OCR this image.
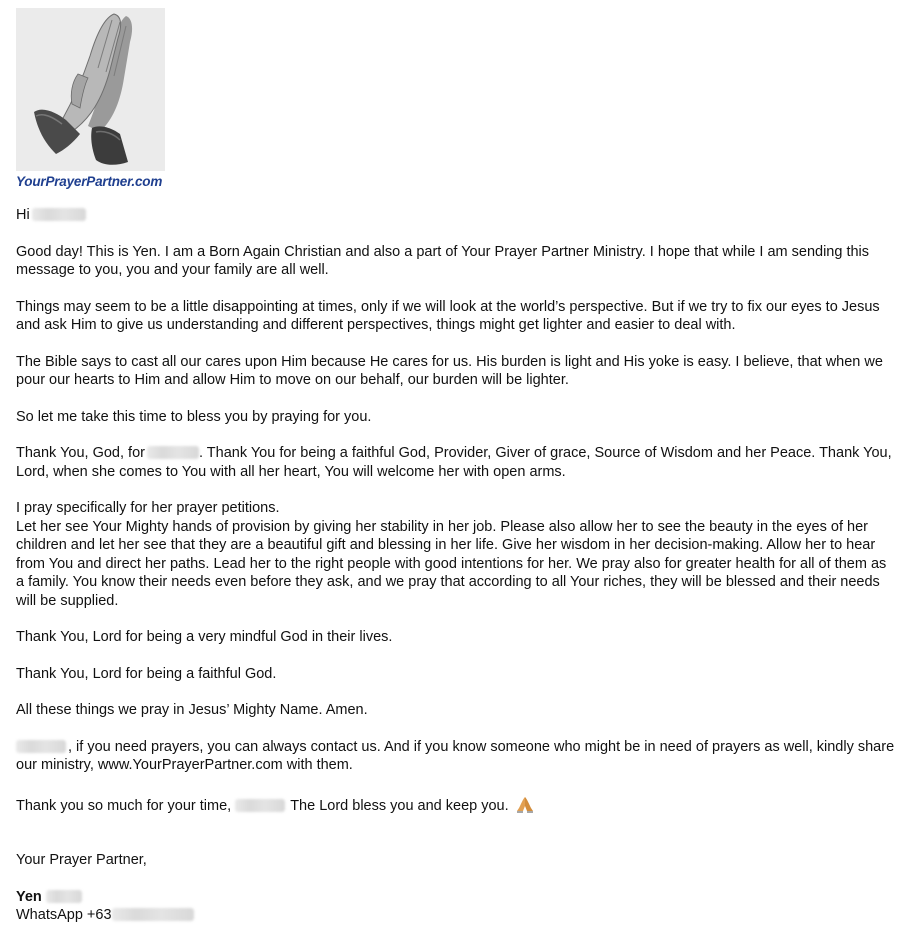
YourPrayerPartner.com

Hi

Good day! This is Yen. I am a Born Again Christian and also a part of Your Prayer Partner Ministry. I hope that while I am sending this message to you, you and your family are all well.

Things may seem to be a little disappointing at times, only if we will look at the world’s perspective. But if we try to fix our eyes to Jesus and ask Him to give us understanding and different perspectives, things might get lighter and easier to deal with.

The Bible says to cast all our cares upon Him because He cares for us. His burden is light and His yoke is easy. I believe, that when we pour our hearts to Him and allow Him to move on our behalf, our burden will be lighter.

So let me take this time to bless you by praying for you.

Thank You, God, for	. Thank You for being a faithful God, Provider, Giver of grace, Source of Wisdom and her Peace. Thank You, Lord, when she comes to You with all her heart, You will welcome her with open arms.

I pray specifically for her prayer petitions.

Let her see Your Mighty hands of provision by giving her stability in her job. Please also allow her to see the beauty in the eyes of her children and let her see that they are a beautiful gift and blessing in her life. Give her wisdom in her decision-making. Allow her to hear from You and direct her paths. Lead her to the right people with good intentions for her. We pray also for greater health for all of them as a family. You know their needs even before they ask, and we pray that according to all Your riches, they will be blessed and their needs will be supplied.

Thank You, Lord for being a very mindful God in their lives.

Thank You, Lord for being a faithful God.

All these things we pray in Jesus’ Mighty Name. Amen.

, if you need prayers, you can always contact us. And if you know someone who might be in need of prayers as well, kindly share our ministry, www.YourPrayerPartner.com with them.

Thank you so much for your time,	The Lord bless you and keep you.

Your Prayer Partner,

Yen

WhatsApp +63
